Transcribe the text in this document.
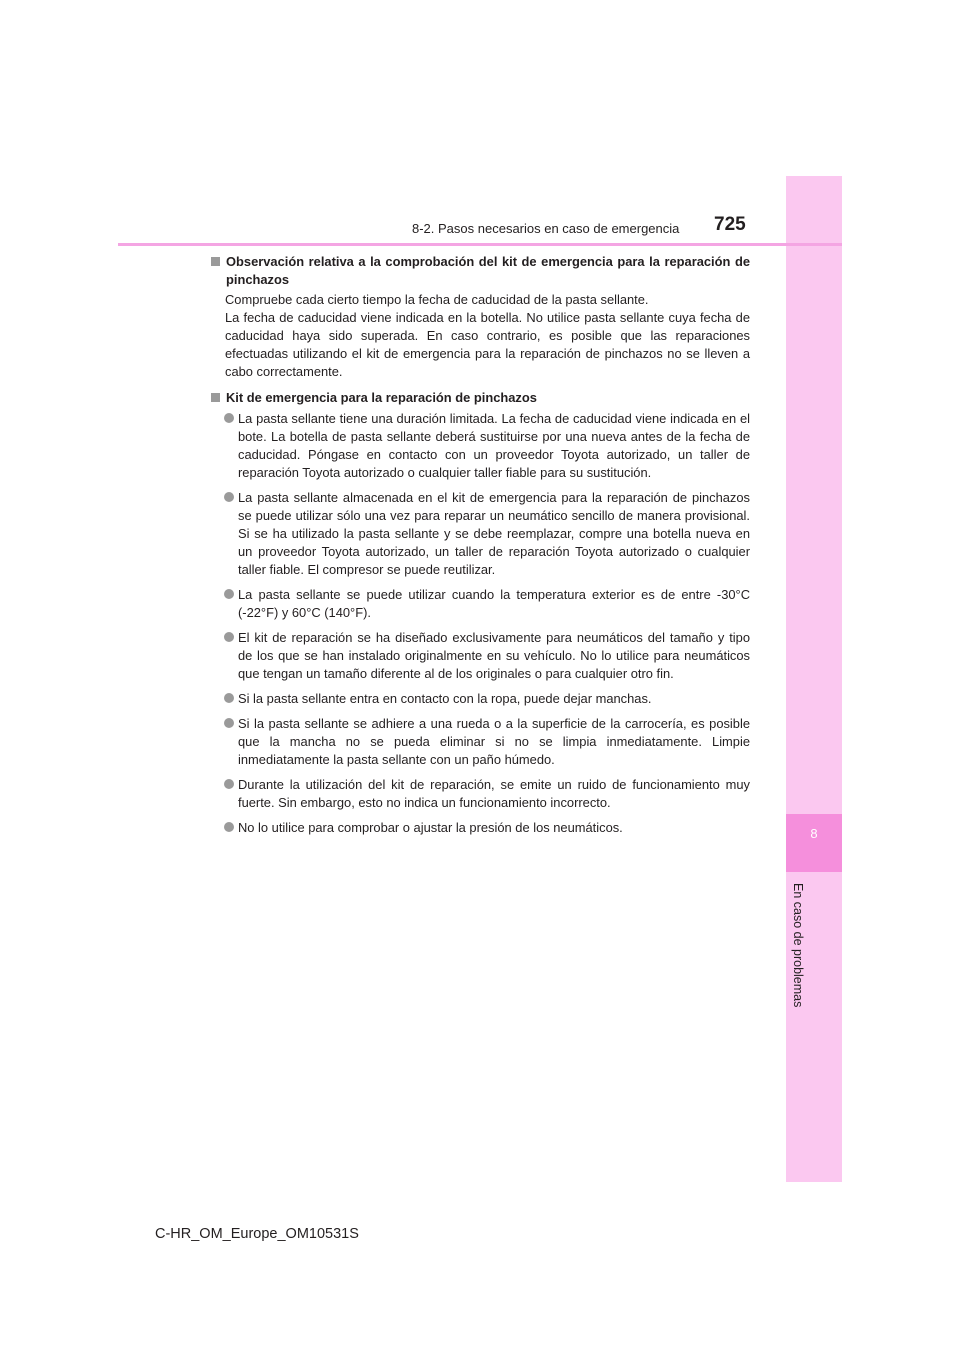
8
En caso de problemas
8-2. Pasos necesarios en caso de emergencia 725

Observación relativa a la comprobación del kit de emergencia para la reparación de pinchazos

Compruebe cada cierto tiempo la fecha de caducidad de la pasta sellante.
La fecha de caducidad viene indicada en la botella. No utilice pasta sellante cuya fecha de caducidad haya sido superada. En caso contrario, es posible que las reparaciones efectuadas utilizando el kit de emergencia para la reparación de pinchazos no se lleven a cabo correctamente.

Kit de emergencia para la reparación de pinchazos

La pasta sellante tiene una duración limitada. La fecha de caducidad viene indicada en el bote. La botella de pasta sellante deberá sustituirse por una nueva antes de la fecha de caducidad. Póngase en contacto con un proveedor Toyota autorizado, un taller de reparación Toyota autorizado o cualquier taller fiable para su sustitución.

La pasta sellante almacenada en el kit de emergencia para la reparación de pinchazos se puede utilizar sólo una vez para reparar un neumático sencillo de manera provisional. Si se ha utilizado la pasta sellante y se debe reemplazar, compre una botella nueva en un proveedor Toyota autorizado, un taller de reparación Toyota autorizado o cualquier taller fiable. El compresor se puede reutilizar.

La pasta sellante se puede utilizar cuando la temperatura exterior es de entre -30°C (-22°F) y 60°C (140°F).

El kit de reparación se ha diseñado exclusivamente para neumáticos del tamaño y tipo de los que se han instalado originalmente en su vehículo. No lo utilice para neumáticos que tengan un tamaño diferente al de los originales o para cualquier otro fin.

Si la pasta sellante entra en contacto con la ropa, puede dejar manchas.

Si la pasta sellante se adhiere a una rueda o a la superficie de la carrocería, es posible que la mancha no se pueda eliminar si no se limpia inmediatamente. Limpie inmediatamente la pasta sellante con un paño húmedo.

Durante la utilización del kit de reparación, se emite un ruido de funcionamiento muy fuerte. Sin embargo, esto no indica un funcionamiento incorrecto.

No lo utilice para comprobar o ajustar la presión de los neumáticos.

C-HR_OM_Europe_OM10531S
